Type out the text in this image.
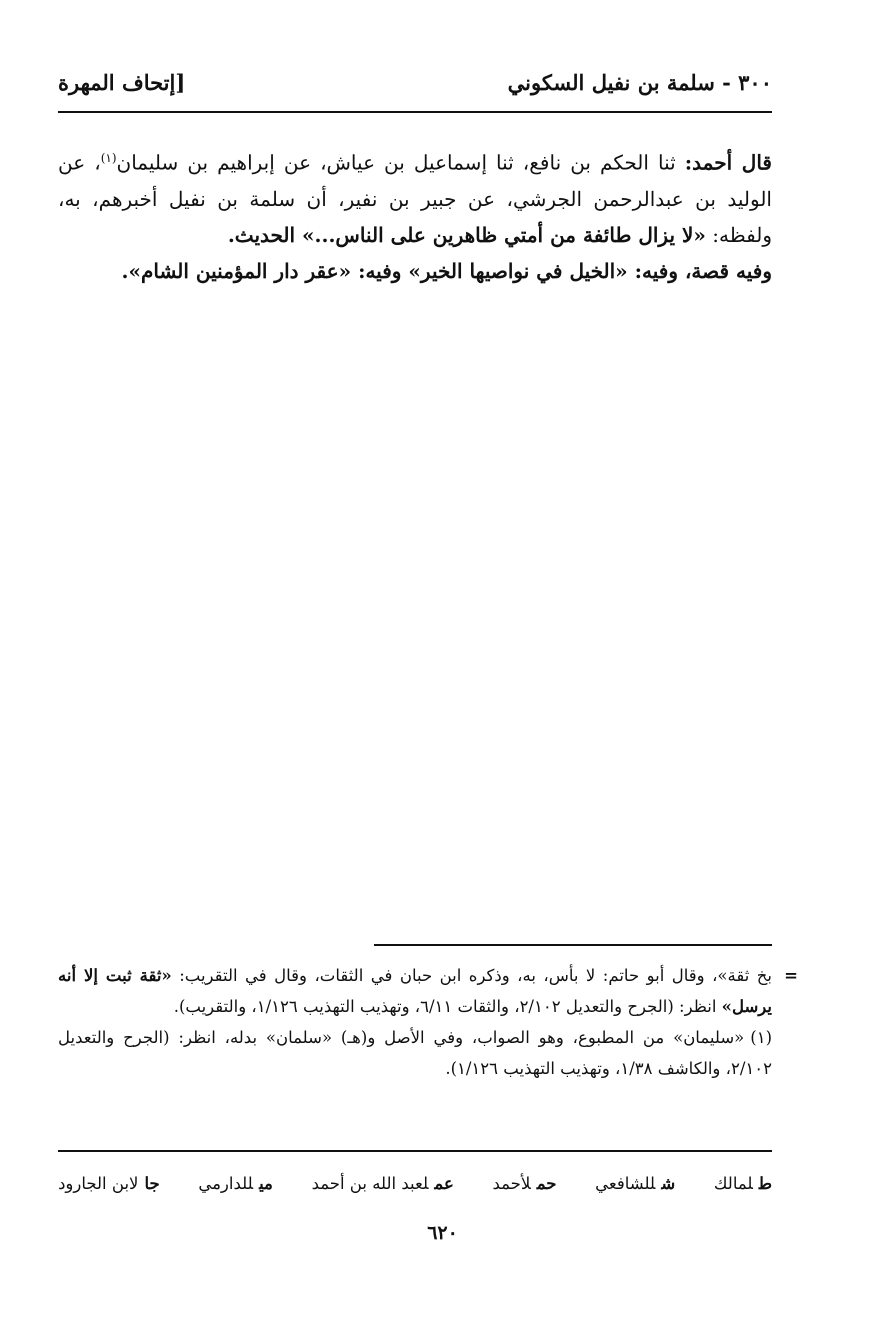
٣٠٠ - سلمة بن نفيل السكوني
[إتحاف المهرة

قال أحمد: ثنا الحكم بن نافع، ثنا إسماعيل بن عياش، عن إبراهيم بن سليمان$^{(١)}$، عن الوليد بن عبدالرحمن الجرشي، عن جبير بن نفير، أن سلمة بن نفيل أخبرهم، به، ولفظه: «لا يزال طائفة من أمتي ظاهرين على الناس...» الحديث.
وفيه قصة، وفيه: «الخيل في نواصيها الخير» وفيه: «عقر دار المؤمنين الشام».

=
بخ ثقة»، وقال أبو حاتم: لا بأس، به، وذكره ابن حبان في الثقات، وقال في التقريب: «ثقة ثبت إلا أنه يرسل» انظر: (الجرح والتعديل ٢/١٠٢، والثقات ٦/١١، وتهذيب التهذيب ١/١٢٦، والتقريب).

(١)«سليمان» من المطبوع، وهو الصواب، وفي الأصل و(هـ) «سلمان» بدله، انظر: (الجرح والتعديل ٢/١٠٢، والكاشف ١/٣٨، وتهذيب التهذيب ١/١٢٦).

طلمالك
شللشافعي
حملأحمد
عملعبد الله بن أحمد
ميللدارمي
جالابن الجارود
٦٢٠
